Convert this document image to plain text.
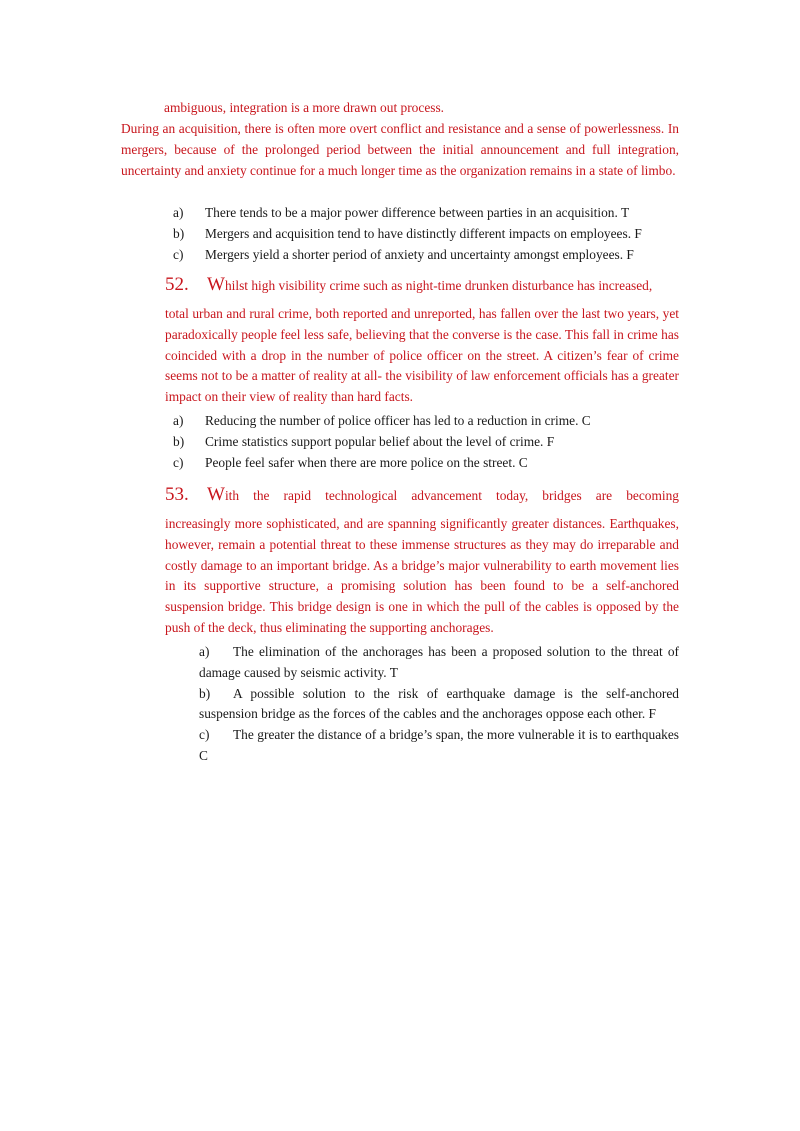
ambiguous, integration is a more drawn out process.
During an acquisition, there is often more overt conflict and resistance and a sense of powerlessness. In mergers, because of the prolonged period between the initial announcement and full integration, uncertainty and anxiety continue for a much longer time as the organization remains in a state of limbo.
a)	There tends to be a major power difference between parties in an acquisition. T
b)	Mergers and acquisition tend to have distinctly different impacts on employees. F
c)	Mergers yield a shorter period of anxiety and uncertainty amongst employees. F
52. W hilst high visibility crime such as night-time drunken disturbance has increased,
total urban and rural crime, both reported and unreported, has fallen over the last two years, yet paradoxically people feel less safe, believing that the converse is the case. This fall in crime has coincided with a drop in the number of police officer on the street. A citizen’s fear of crime seems not to be a matter of reality at all- the visibility of law enforcement officials has a greater impact on their view of reality than hard facts.
a)	Reducing the number of police officer has led to a reduction in crime. C
b)	Crime statistics support popular belief about the level of crime. F
c)	People feel safer when there are more police on the street. C
53. W ith the rapid technological advancement today, bridges are becoming
increasingly more sophisticated, and are spanning significantly greater distances. Earthquakes, however, remain a potential threat to these immense structures as they may do irreparable and costly damage to an important bridge. As a bridge’s major vulnerability to earth movement lies in its supportive structure, a promising solution has been found to be a self-anchored suspension bridge. This bridge design is one in which the pull of the cables is opposed by the push of the deck, thus eliminating the supporting anchorages.

a) The elimination of the anchorages has been a proposed solution to the threat of damage caused by seismic activity. T

b) A possible solution to the risk of earthquake damage is the self-anchored suspension bridge as the forces of the cables and the anchorages oppose each other. F

c) The greater the distance of a bridge’s span, the more vulnerable it is to earthquakes C
